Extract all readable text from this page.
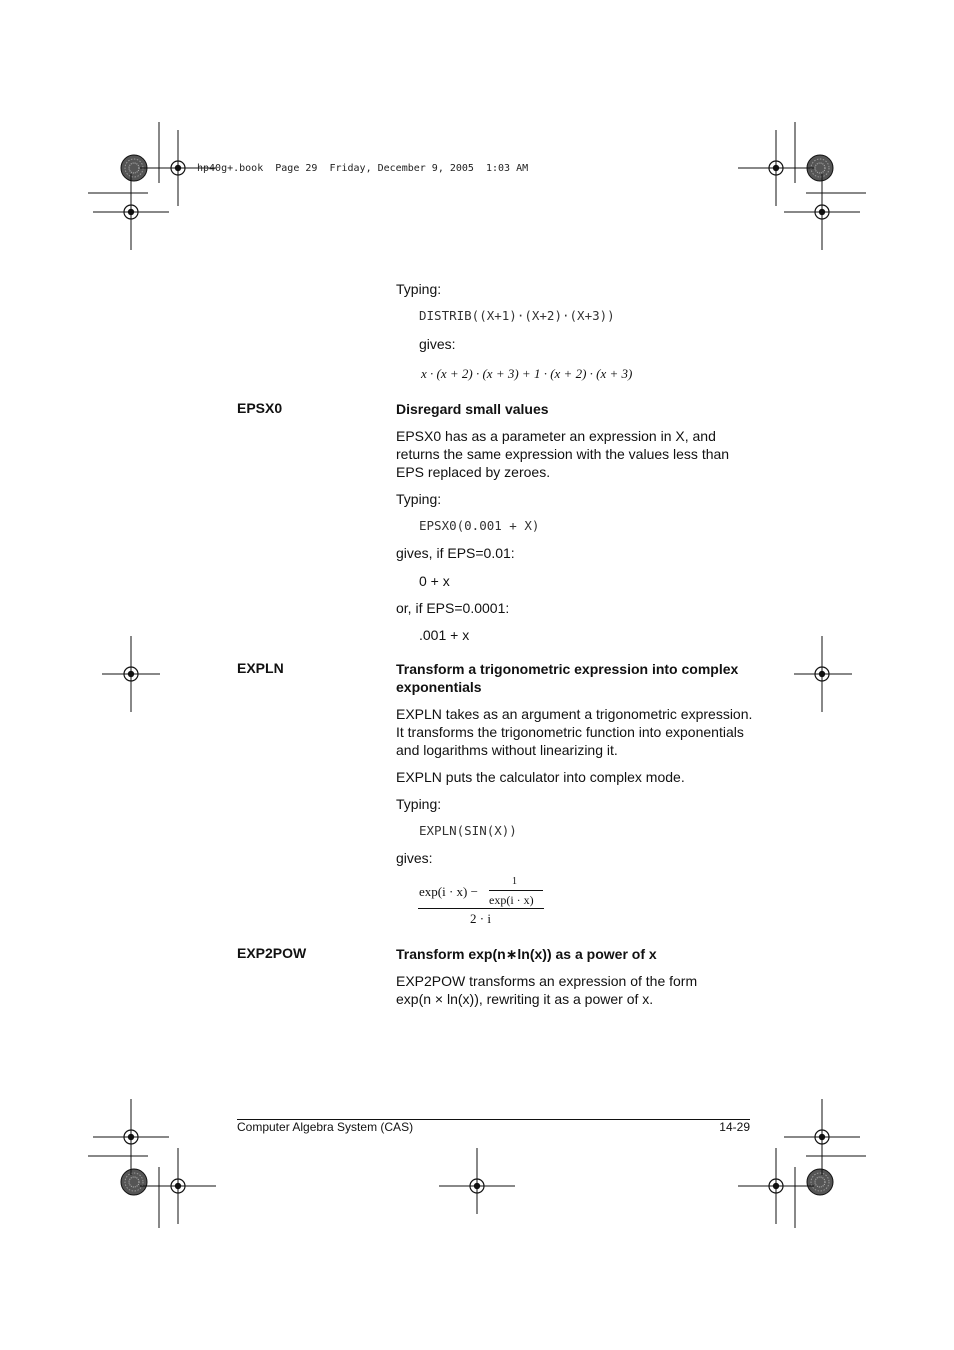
hp40g+.book  Page 29  Friday, December 9, 2005  1:03 AM
Typing:
DISTRIB((X+1)·(X+2)·(X+3))
gives:
x · (x + 2) · (x + 3) + 1 · (x + 2) · (x + 3)
EPSX0	Disregard small values
EPSX0 has as a parameter an expression in X, and returns the same expression with the values less than EPS replaced by zeroes.
Typing:
EPSX0(0.001 + X)
gives, if EPS=0.01:
0 + x
or, if EPS=0.0001:
.001 + x
EXPLN	Transform a trigonometric expression into complex exponentials
EXPLN takes as an argument a trigonometric expression. It transforms the trigonometric function into exponentials and logarithms without linearizing it.
EXPLN puts the calculator into complex mode.
Typing:
EXPLN(SIN(X))
gives:
exp(i · x) −
1
exp(i · x)
2 · i
EXP2POW	Transform exp(n∗ln(x)) as a power of x
EXP2POW transforms an expression of the form
exp(n × ln(x)), rewriting it as a power of x.
Computer Algebra System (CAS)	14-29
